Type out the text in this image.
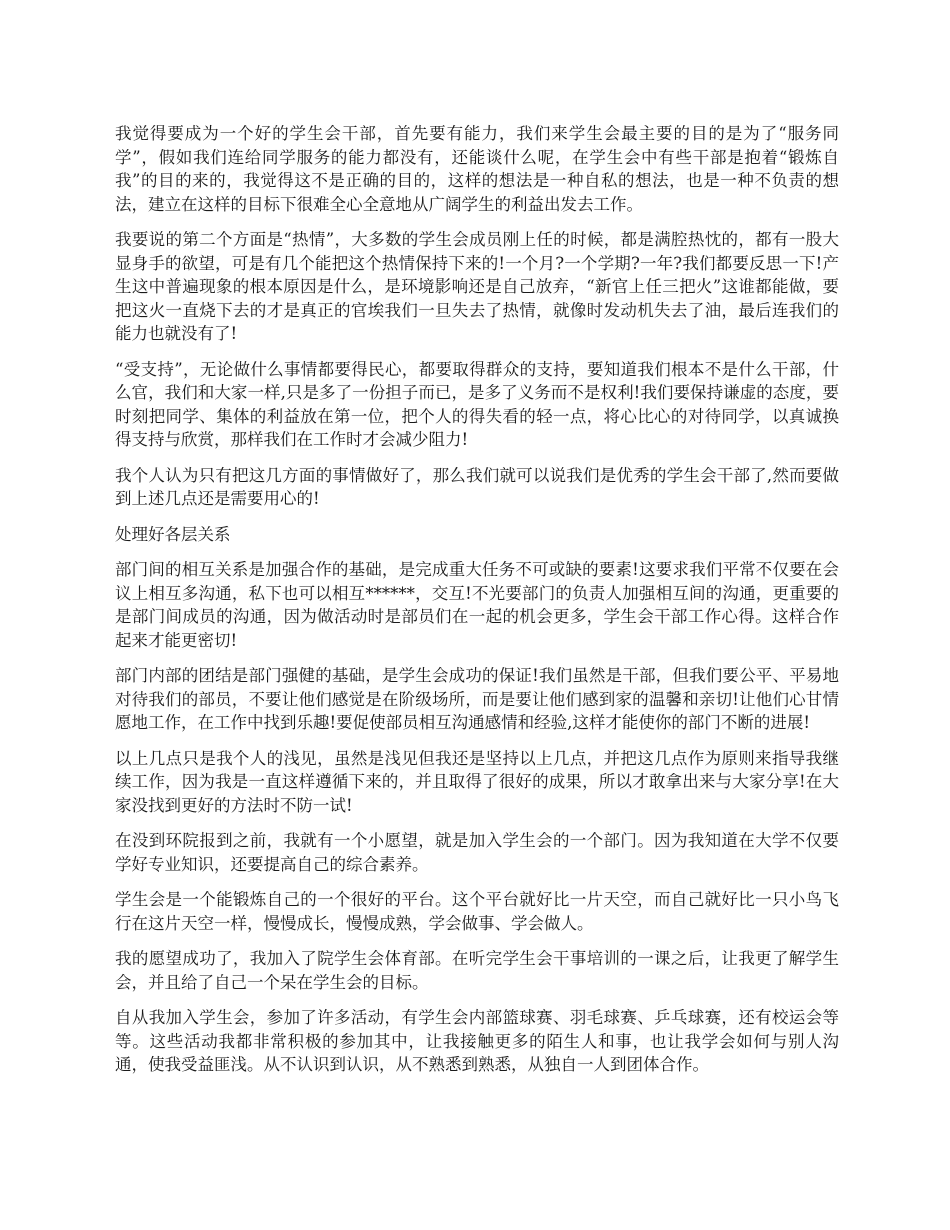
我觉得要成为一个好的学生会干部，首先要有能力，我们来学生会最主要的目的是为了“服务同学”，假如我们连给同学服务的能力都没有，还能谈什么呢，在学生会中有些干部是抱着“锻炼自我”的目的来的，我觉得这不是正确的目的，这样的想法是一种自私的想法，也是一种不负责的想法，建立在这样的目标下很难全心全意地从广阔学生的利益出发去工作。

我要说的第二个方面是“热情”，大多数的学生会成员刚上任的时候，都是满腔热忱的，都有一股大显身手的欲望，可是有几个能把这个热情保持下来的!一个月?一个学期?一年?我们都要反思一下!产生这中普遍现象的根本原因是什么，是环境影响还是自己放弃，“新官上任三把火”这谁都能做，要把这火一直烧下去的才是真正的官埃我们一旦失去了热情，就像时发动机失去了油，最后连我们的能力也就没有了!

“受支持”，无论做什么事情都要得民心，都要取得群众的支持，要知道我们根本不是什么干部，什么官，我们和大家一样,只是多了一份担子而已，是多了义务而不是权利!我们要保持谦虚的态度，要时刻把同学、集体的利益放在第一位，把个人的得失看的轻一点，将心比心的对待同学，以真诚换得支持与欣赏，那样我们在工作时才会减少阻力!

我个人认为只有把这几方面的事情做好了，那么我们就可以说我们是优秀的学生会干部了,然而要做到上述几点还是需要用心的!

处理好各层关系

部门间的相互关系是加强合作的基础，是完成重大任务不可或缺的要素!这要求我们平常不仅要在会议上相互多沟通，私下也可以相互******，交互!不光要部门的负责人加强相互间的沟通，更重要的是部门间成员的沟通，因为做活动时是部员们在一起的机会更多，学生会干部工作心得。这样合作起来才能更密切!

部门内部的团结是部门强健的基础，是学生会成功的保证!我们虽然是干部，但我们要公平、平易地对待我们的部员，不要让他们感觉是在阶级场所，而是要让他们感到家的温馨和亲切!让他们心甘情愿地工作，在工作中找到乐趣!要促使部员相互沟通感情和经验,这样才能使你的部门不断的进展!

以上几点只是我个人的浅见，虽然是浅见但我还是坚持以上几点，并把这几点作为原则来指导我继续工作，因为我是一直这样遵循下来的，并且取得了很好的成果，所以才敢拿出来与大家分享!在大家没找到更好的方法时不防一试!

在没到环院报到之前，我就有一个小愿望，就是加入学生会的一个部门。因为我知道在大学不仅要学好专业知识，还要提高自己的综合素养。

学生会是一个能锻炼自己的一个很好的平台。这个平台就好比一片天空，而自己就好比一只小鸟飞行在这片天空一样，慢慢成长，慢慢成熟，学会做事、学会做人。

我的愿望成功了，我加入了院学生会体育部。在听完学生会干事培训的一课之后，让我更了解学生会，并且给了自己一个呆在学生会的目标。

自从我加入学生会，参加了许多活动，有学生会内部篮球赛、羽毛球赛、乒乓球赛，还有校运会等等。这些活动我都非常积极的参加其中，让我接触更多的陌生人和事，也让我学会如何与别人沟通，使我受益匪浅。从不认识到认识，从不熟悉到熟悉，从独自一人到团体合作。
